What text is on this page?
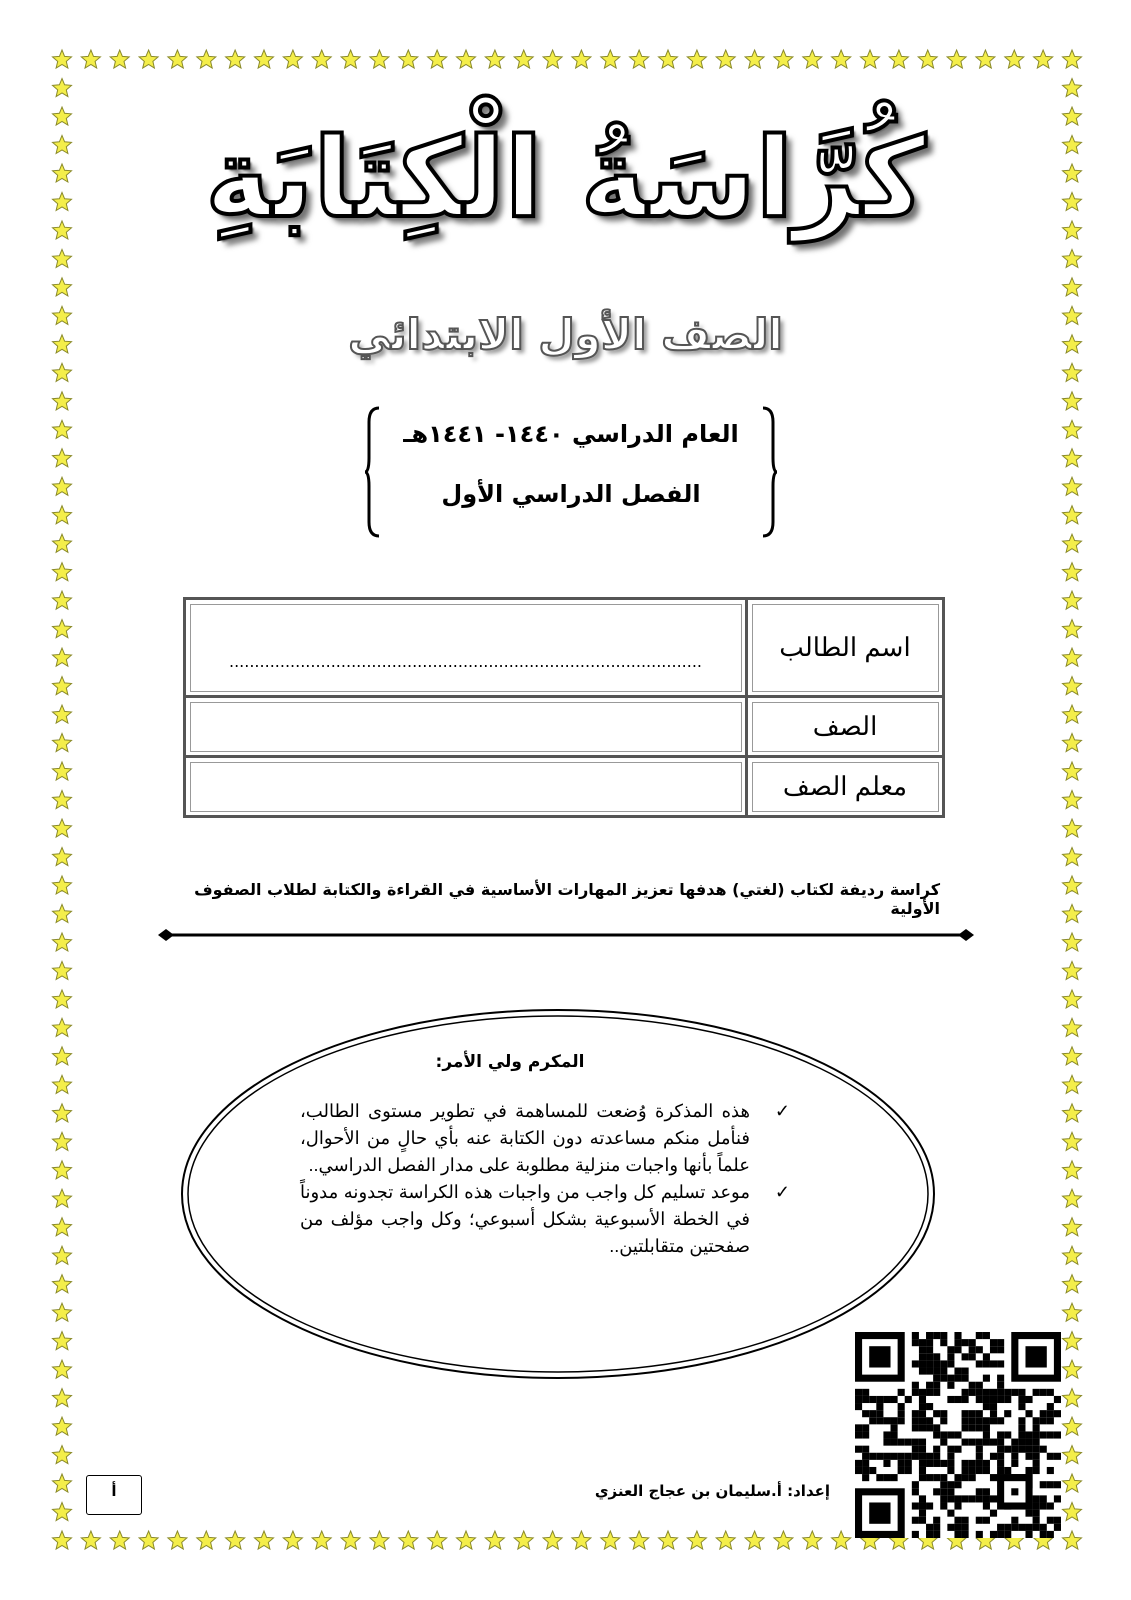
كُرَّاسَةُ الْكِتَابَةِ
الصف الأول الابتدائي
العام الدراسي ١٤٤٠- ١٤٤١هـ
الفصل الدراسي الأول
اسم الطالب	.............................................................................................
الصف	
معلم الصف	
كراسة رديفة لكتاب (لغتي) هدفها تعزيز المهارات الأساسية في القراءة والكتابة لطلاب الصفوف الأولية
المكرم ولي الأمر:

✓
هذه المذكرة وُضعت للمساهمة في تطوير مستوى الطالب، فنأمل منكم مساعدته دون الكتابة عنه بأي حالٍ من الأحوال، علماً بأنها واجبات منزلية مطلوبة على مدار الفصل الدراسي..

✓
موعد تسليم كل واجب من واجبات هذه الكراسة تجدونه مدوناً في الخطة الأسبوعية بشكل أسبوعي؛ وكل واجب مؤلف من صفحتين متقابلتين..

إعداد: أ.سليمان بن عجاج العنزي
أ
